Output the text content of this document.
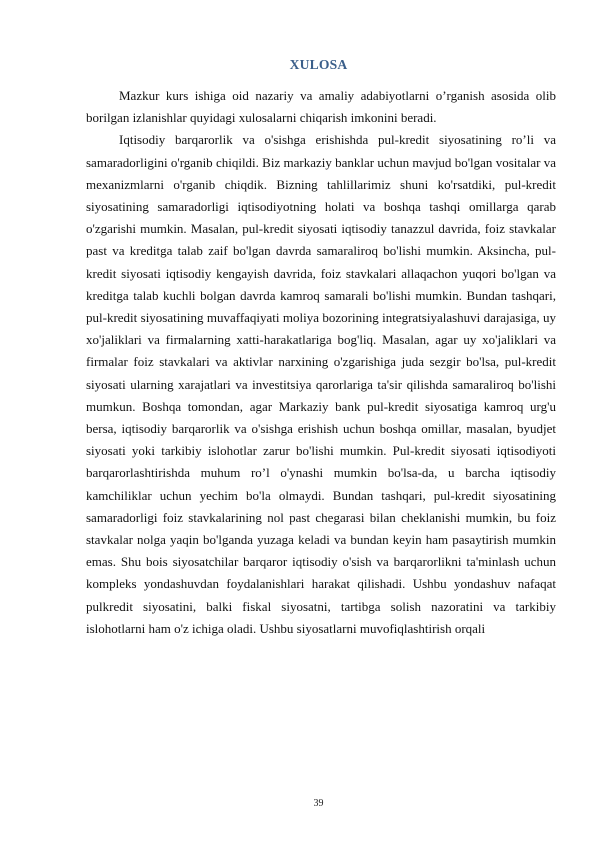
XULOSA

Mazkur kurs ishiga oid nazariy va amaliy adabiyotlarni o’rganish asosida olib borilgan izlanishlar quyidagi xulosalarni chiqarish imkonini beradi.

Iqtisodiy barqarorlik va o'sishga erishishda pul-kredit siyosatining ro’li va samaradorligini o'rganib chiqildi. Biz markaziy banklar uchun mavjud bo'lgan vositalar va mexanizmlarni o'rganib chiqdik. Bizning tahlillarimiz shuni ko'rsatdiki, pul-kredit siyosatining samaradorligi iqtisodiyotning holati va boshqa tashqi omillarga qarab o'zgarishi mumkin. Masalan, pul-kredit siyosati iqtisodiy tanazzul davrida, foiz stavkalar past va kreditga talab zaif bo'lgan davrda samaraliroq bo'lishi mumkin. Aksincha, pul- kredit siyosati iqtisodiy kengayish davrida, foiz stavkalari allaqachon yuqori bo'lgan va kreditga talab kuchli bolgan davrda kamroq samarali bo'lishi mumkin. Bundan tashqari, pul-kredit siyosatining muvaffaqiyati moliya bozorining integratsiyalashuvi darajasiga, uy xo'jaliklari va firmalarning xatti-harakatlariga bog'liq. Masalan, agar uy xo'jaliklari va firmalar foiz stavkalari va aktivlar narxining o'zgarishiga juda sezgir bo'lsa, pul-kredit siyosati ularning xarajatlari va investitsiya qarorlariga ta'sir qilishda samaraliroq bo'lishi mumkun. Boshqa tomondan, agar Markaziy bank pul-kredit siyosatiga kamroq urg'u bersa, iqtisodiy barqarorlik va o'sishga erishish uchun boshqa omillar, masalan, byudjet siyosati yoki tarkibiy islohotlar zarur bo'lishi mumkin. Pul-kredit siyosati iqtisodiyoti barqarorlashtirishda muhum ro’l o'ynashi mumkin bo'lsa-da, u barcha iqtisodiy kamchiliklar uchun yechim bo'la olmaydi. Bundan tashqari, pul-kredit siyosatining samaradorligi foiz stavkalarining nol past chegarasi bilan cheklanishi mumkin, bu foiz stavkalar nolga yaqin bo'lganda yuzaga keladi va bundan keyin ham pasaytirish mumkin emas. Shu bois siyosatchilar barqaror iqtisodiy o'sish va barqarorlikni ta'minlash uchun kompleks yondashuvdan foydalanishlari harakat qilishadi. Ushbu yondashuv nafaqat pulkredit siyosatini, balki fiskal siyosatni, tartibga solish nazoratini va tarkibiy islohotlarni ham o'z ichiga oladi. Ushbu siyosatlarni muvofiqlashtirish orqali

39
